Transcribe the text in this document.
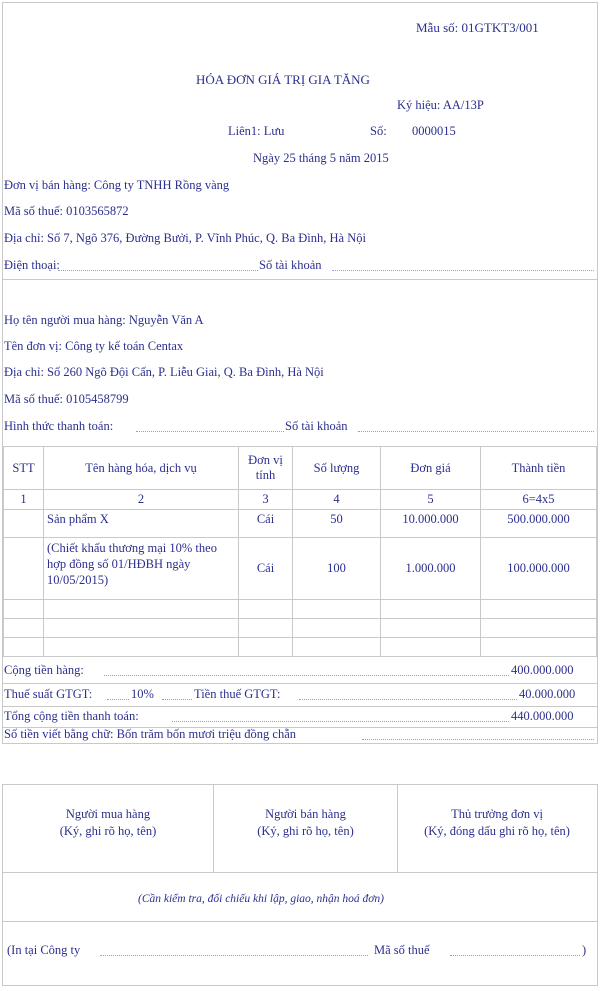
Mẫu số: 01GTKT3/001
HÓA ĐƠN GIÁ TRỊ GIA TĂNG
Ký hiệu: AA/13P
Liên1: Lưu	Số: 0000015
Ngày 25 tháng 5 năm 2015
Đơn vị bán hàng: Công ty TNHH Rồng vàng
Mã số thuế: 0103565872
Địa chỉ: Số 7, Ngõ 376, Đường Bưởi, P. Vĩnh Phúc, Q. Ba Đình, Hà Nội
Điện thoại:	Số tài khoản
Họ tên người mua hàng: Nguyễn Văn A
Tên đơn vị: Công ty kế toán Centax
Địa chỉ: Số 260 Ngõ Đội Cấn, P. Liễu Giai, Q. Ba Đình, Hà Nội
Mã số thuế: 0105458799
Hình thức thanh toán:	Số tài khoản
STT	Tên hàng hóa, dịch vụ	Đơn vị tính	Số lượng	Đơn giá	Thành tiền
1	2	3	4	5	6=4x5
	Sản phẩm X	Cái	50	10.000.000	500.000.000
	(Chiết khấu thương mại 10% theo hợp đồng số 01/HĐBH ngày 10/05/2015)	Cái	100	1.000.000	100.000.000

Cộng tiền hàng:	400.000.000
Thuế suất GTGT:	10%	Tiền thuế GTGT:	40.000.000
Tổng cộng tiền thanh toán:	440.000.000
Số tiền viết bằng chữ: Bốn trăm bốn mươi triệu đồng chẵn
Người mua hàng
(Ký, ghi rõ họ, tên)
Người bán hàng
(Ký, ghi rõ họ, tên)
Thủ trưởng đơn vị
(Ký, đóng dấu ghi rõ họ, tên)
(Cần kiểm tra, đối chiếu khi lập, giao, nhận hoá đơn)
(In tại Công ty	Mã số thuế	)
